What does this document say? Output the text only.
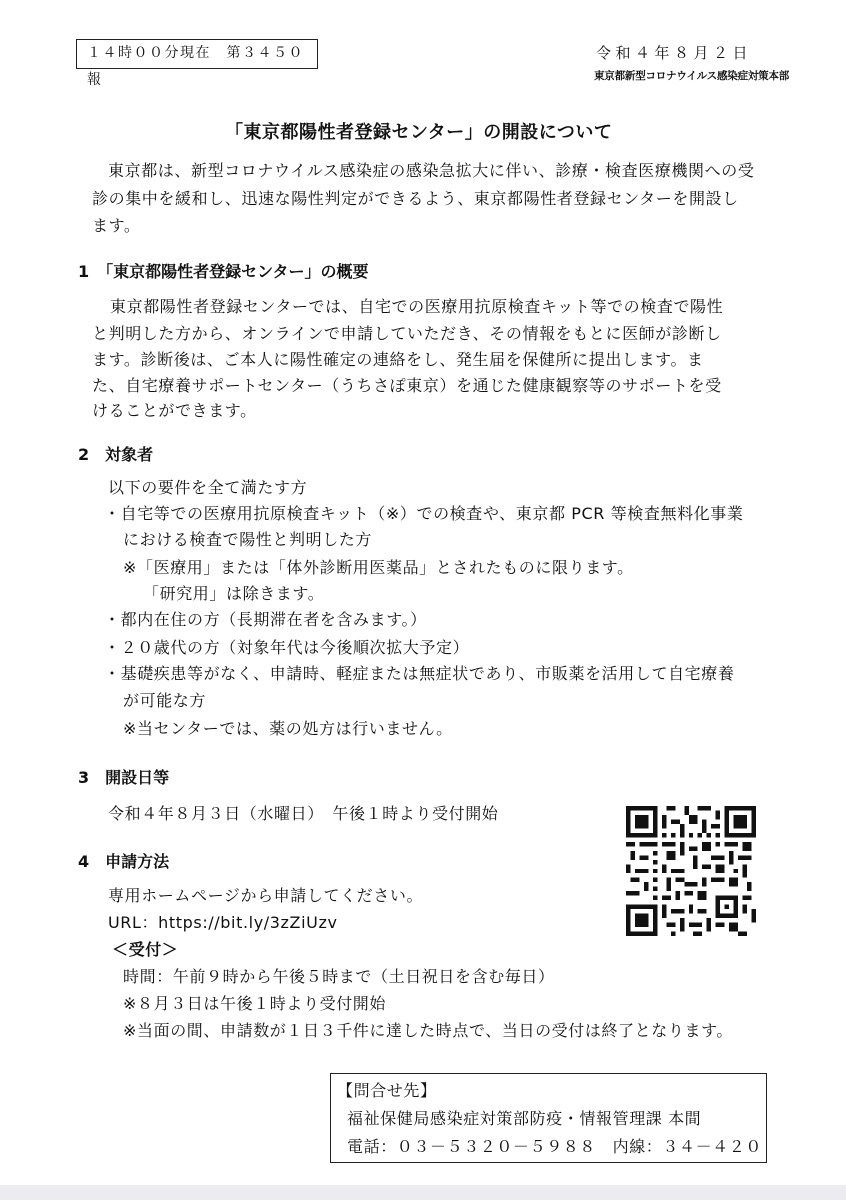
１４時００分現在　第３４５０報
令和４年８月２日
東京都新型コロナウイルス感染症対策本部
「東京都陽性者登録センター」の開設について
東京都は、新型コロナウイルス感染症の感染急拡大に伴い、診療・検査医療機関への受
診の集中を緩和し、迅速な陽性判定ができるよう、東京都陽性者登録センターを開設し
ます。
1　「東京都陽性者登録センター」の概要
東京都陽性者登録センターでは、自宅での医療用抗原検査キット等での検査で陽性
と判明した方から、オンラインで申請していただき、その情報をもとに医師が診断し
ます。診断後は、ご本人に陽性確定の連絡をし、発生届を保健所に提出します。ま
た、自宅療養サポートセンター（うちさぽ東京）を通じた健康観察等のサポートを受
けることができます。
2　対象者
以下の要件を全て満たす方
・自宅等での医療用抗原検査キット（※）での検査や、東京都 PCR 等検査無料化事業
における検査で陽性と判明した方
※「医療用」または「体外診断用医薬品」とされたものに限ります。
「研究用」は除きます。
・都内在住の方（長期滞在者を含みます。）
・２０歳代の方（対象年代は今後順次拡大予定）
・基礎疾患等がなく、申請時、軽症または無症状であり、市販薬を活用して自宅療養
が可能な方
※当センターでは、薬の処方は行いません。
3　開設日等
令和４年８月３日（水曜日）　午後１時より受付開始
4　申請方法
専用ホームページから申請してください。
URL：https://bit.ly/3zZiUzv
＜受付＞
時間：午前９時から午後５時まで（土日祝日を含む毎日）
※８月３日は午後１時より受付開始
※当面の間、申請数が１日３千件に達した時点で、当日の受付は終了となります。
【問合せ先】
福祉保健局感染症対策部防疫・情報管理課 本間
電話：０３－５３２０－５９８８　内線：３４－４２０
